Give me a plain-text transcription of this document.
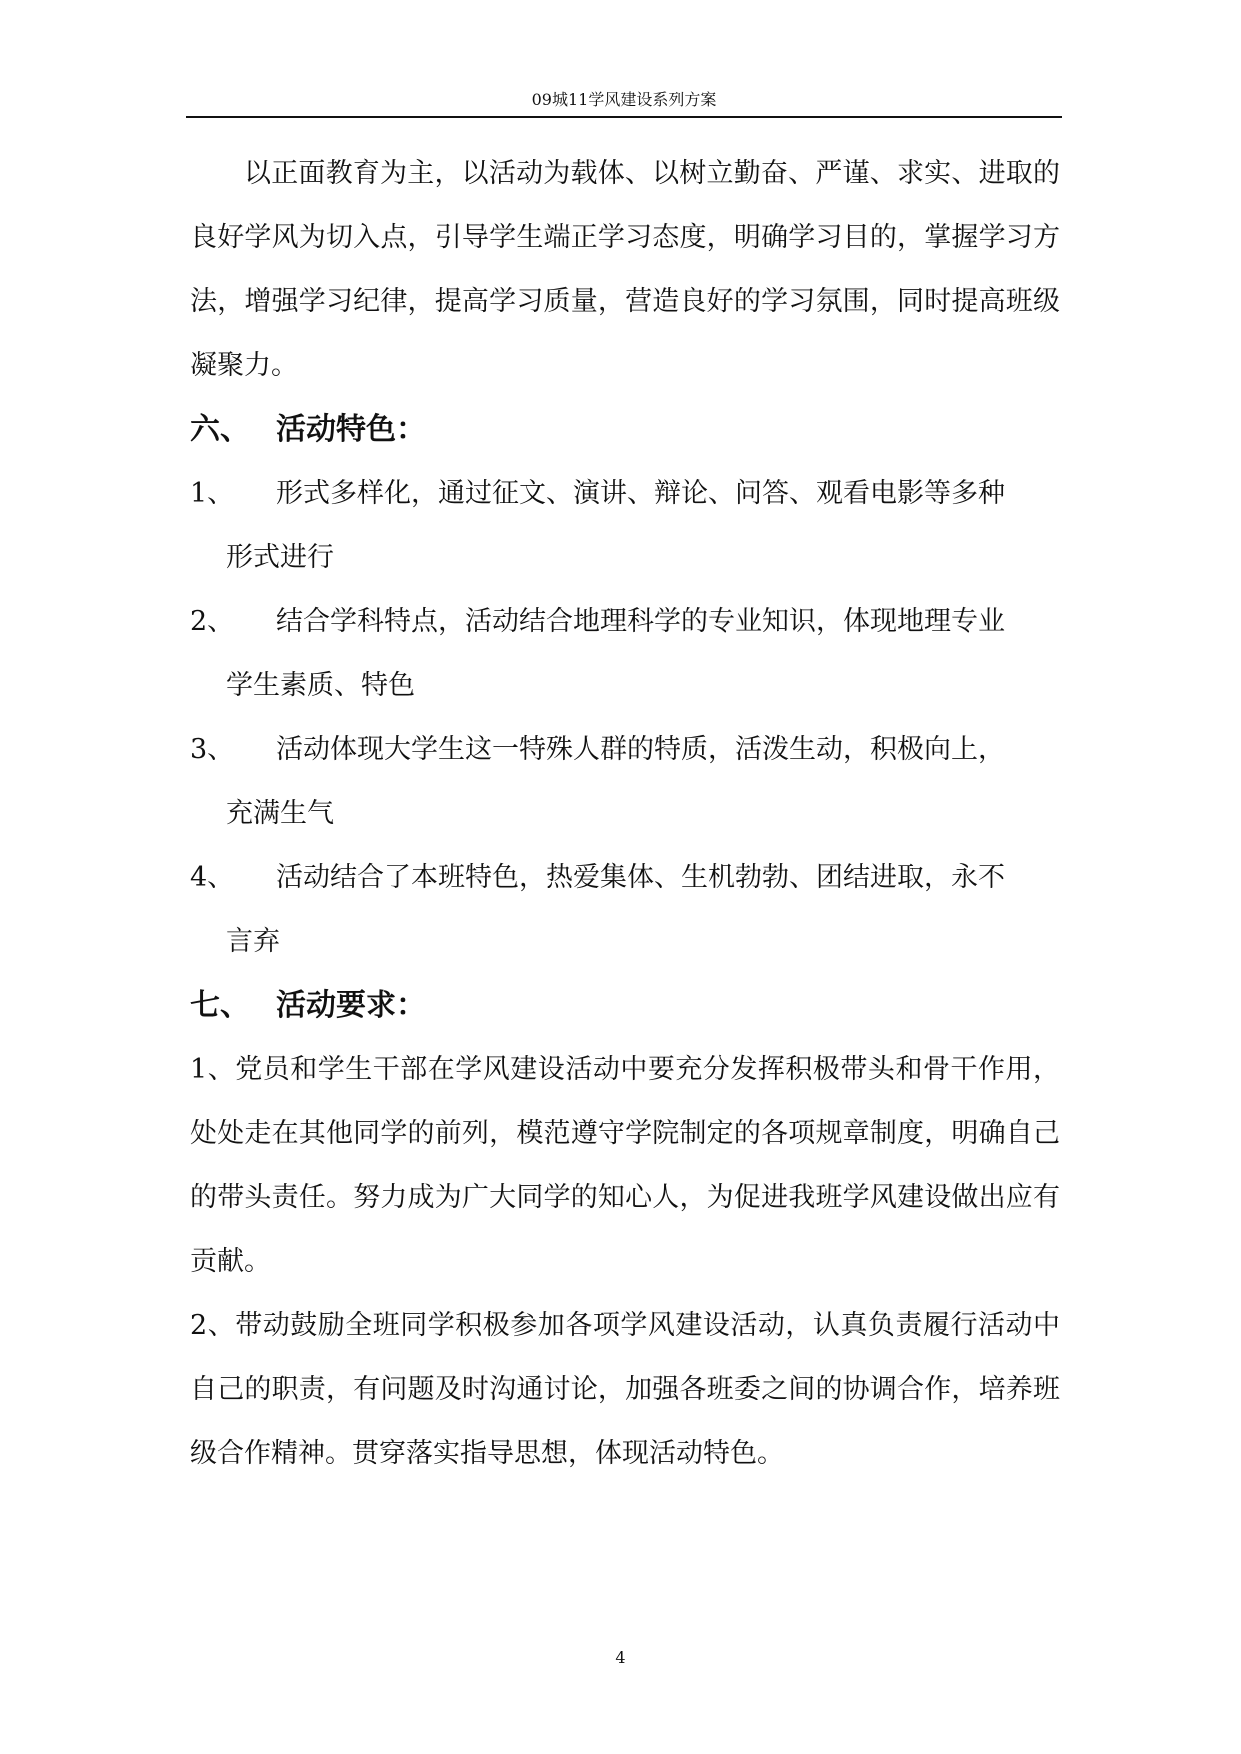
09城11学风建设系列方案

以正面教育为主，以活动为载体、以树立勤奋、严谨、求实、进取的良好学风为切入点，引导学生端正学习态度，明确学习目的，掌握学习方法，增强学习纪律，提高学习质量，营造良好的学习氛围，同时提高班级凝聚力。

六、 活动特色：
1、	形式多样化，通过征文、演讲、辩论、问答、观看电影等多种

形式进行

2、	结合学科特点，活动结合地理科学的专业知识，体现地理专业

学生素质、特色

3、	活动体现大学生这一特殊人群的特质，活泼生动，积极向上，

充满生气

4、	活动结合了本班特色，热爱集体、生机勃勃、团结进取，永不

言弃

七、 活动要求：

1、党员和学生干部在学风建设活动中要充分发挥积极带头和骨干作用，处处走在其他同学的前列，模范遵守学院制定的各项规章制度，明确自己的带头责任。努力成为广大同学的知心人，为促进我班学风建设做出应有贡献。

2、带动鼓励全班同学积极参加各项学风建设活动，认真负责履行活动中自己的职责，有问题及时沟通讨论，加强各班委之间的协调合作，培养班级合作精神。贯穿落实指导思想，体现活动特色。

4
